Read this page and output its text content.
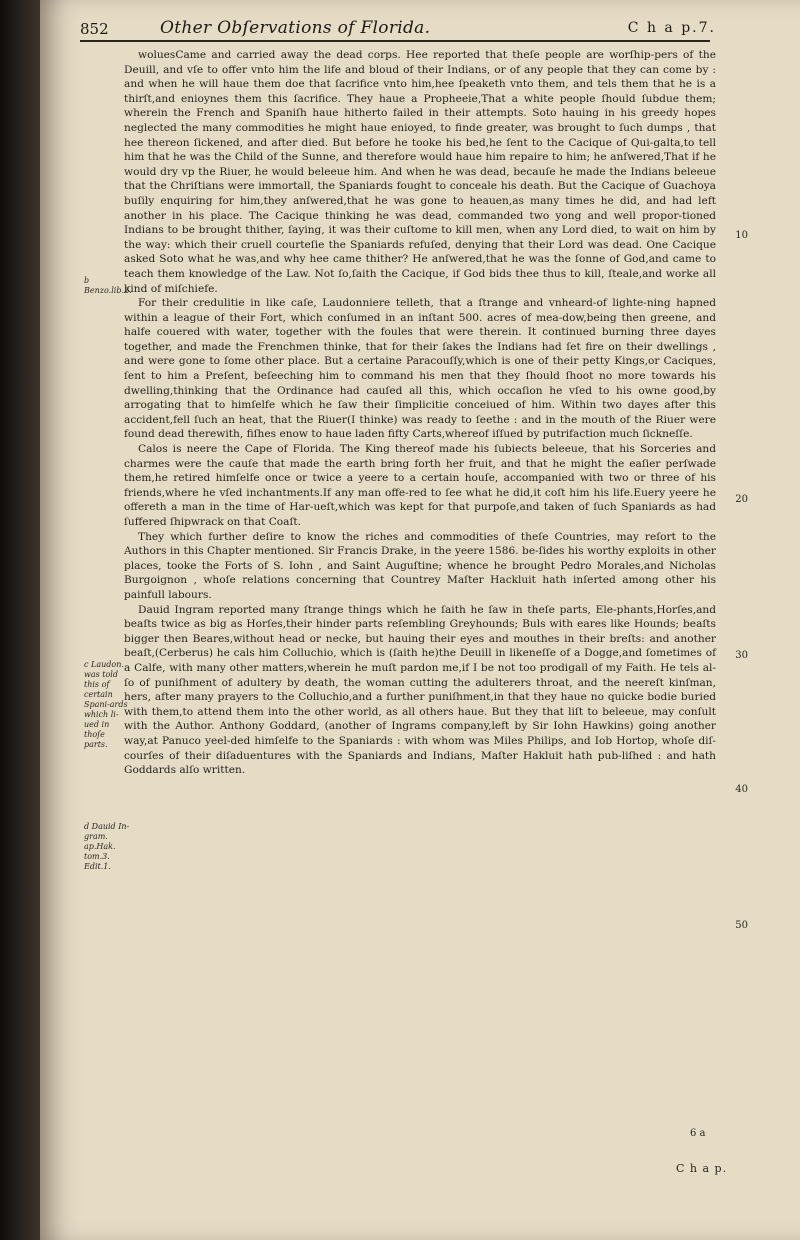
852	Other Obſervations of Florida.	C h a p.7.

woluesCame and carried away the dead corps. Hee reported that theſe people are worſhip-pers of the Deuill, and vſe to offer vnto him the life and bloud of their Indians, or of any people that they can come by : and when he will haue them doe that ſacrifice vnto him,hee ſpeaketh vnto them, and tels them that he is a thirſt,and enioynes them this ſacrifice. They haue a Propheeie,That a white people ſhould ſubdue them; wherein the French and Spaniſh haue hitherto failed in their attempts. Soto hauing in his greedy hopes neglected the many commodities he might haue enioyed, to finde greater, was brought to ſuch dumps , that hee thereon ſickened, and after died. But before he tooke his bed,he ſent to the Cacique of Qui-galta,to tell him that he was the Child of the Sunne, and therefore would haue him repaire to him; he anſwered,That if he would dry vp the Riuer, he would beleeue him. And when he was dead, becauſe he made the Indians beleeue that the Chriſtians were immortall, the Spaniards fought to conceale his death. But the Cacique of Guachoya buſily enquiring for him,they anſwered,that he was gone to heauen,as many times he did, and had left another in his place. The Cacique thinking he was dead, commanded two yong and well propor-tioned Indians to be brought thither, ſaying, it was their cuſtome to kill men, when any Lord died, to wait on him by the way: which their cruell courteſie the Spaniards refuſed, denying that their Lord was dead. One Cacique asked Soto what he was,and why hee came thither? He anſwered,that he was the ſonne of God,and came to teach them knowledge of the Law. Not ſo,ſaith the Cacique, if God bids thee thus to kill, ſteale,and worke all kind of miſchiefe.

For their credulitie in like caſe, Laudonniere telleth, that a ſtrange and vnheard-of lighte-ning hapned within a league of their Fort, which conſumed in an inſtant 500. acres of mea-dow,being then greene, and halfe couered with water, together with the foules that were therein. It continued burning three dayes together, and made the Frenchmen thinke, that for their ſakes the Indians had ſet fire on their dwellings , and were gone to ſome other place. But a certaine Paracouſſy,which is one of their petty Kings,or Caciques, ſent to him a Preſent, beſeeching him to command his men that they ſhould ſhoot no more towards his dwelling,thinking that the Ordinance had cauſed all this, which occaſion he vſed to his owne good,by arrogating that to himſelfe which he ſaw their ſimplicitie conceiued of him. Within two dayes after this accident,fell ſuch an heat, that the Riuer(I thinke) was ready to ſeethe : and in the mouth of the Riuer were found dead therewith, fiſhes enow to haue laden fifty Carts,whereof iſſued by putrifaction much ſickneſſe.

Calos is neere the Cape of Florida. The King thereof made his ſubiects beleeue, that his Sorceries and charmes were the cauſe that made the earth bring forth her fruit, and that he might the eaſier perſwade them,he retired himſelfe once or twice a yeere to a certain houſe, accompanied with two or three of his friends,where he vſed inchantments.If any man offe-red to ſee what he did,it coſt him his life.Euery yeere he offereth a man in the time of Har-ueſt,which was kept for that purpoſe,and taken of ſuch Spaniards as had ſuffered ſhipwrack on that Coaſt.

They which further deſire to know the riches and commodities of theſe Countries, may reſort to the Authors in this Chapter mentioned. Sir Francis Drake, in the yeere 1586. be-ſides his worthy exploits in other places, tooke the Forts of S. Iohn , and Saint Auguſtine; whence he brought Pedro Morales,and Nicholas Burgoignon , whoſe relations concerning that Countrey Maſter Hackluit hath inſerted among other his painfull labours.

Dauid Ingram reported many ſtrange things which he ſaith he ſaw in theſe parts, Ele-phants,Horſes,and beaſts twice as big as Horſes,their hinder parts reſembling Greyhounds; Buls with eares like Hounds; beaſts bigger then Beares,without head or necke, but hauing their eyes and mouthes in their breſts: and another beaſt,(Cerberus) he cals him Colluchio, which is (ſaith he)the Deuill in likeneſſe of a Dogge,and ſometimes of a Calfe, with many other matters,wherein he muſt pardon me,if I be not too prodigall of my Faith. He tels al-ſo of puniſhment of adultery by death, the woman cutting the adulterers throat, and the neereſt kinſman, hers, after many prayers to the Colluchio,and a further puniſhment,in that they haue no quicke bodie buried with them,to attend them into the other world, as all others haue. But they that liſt to beleeue, may conſult with the Author. Anthony Goddard, (another of Ingrams company,left by Sir Iohn Hawkins) going another way,at Panuco yeel-ded himſelfe to the Spaniards : with whom was Miles Philips, and Iob Hortop, whoſe diſ-courſes of their diſaduentures with the Spaniards and Indians, Maſter Hakluit hath pub-liſhed : and hath Goddards alſo written.

b Benzo.lib.2.
c Laudon. was told this of certain Spani-ards which li-ued in thoſe parts.
d Dauid In-gram. ap.Hak. tom.3. Edit.1.
10
20
30
40
50
6 a
C h a p.
